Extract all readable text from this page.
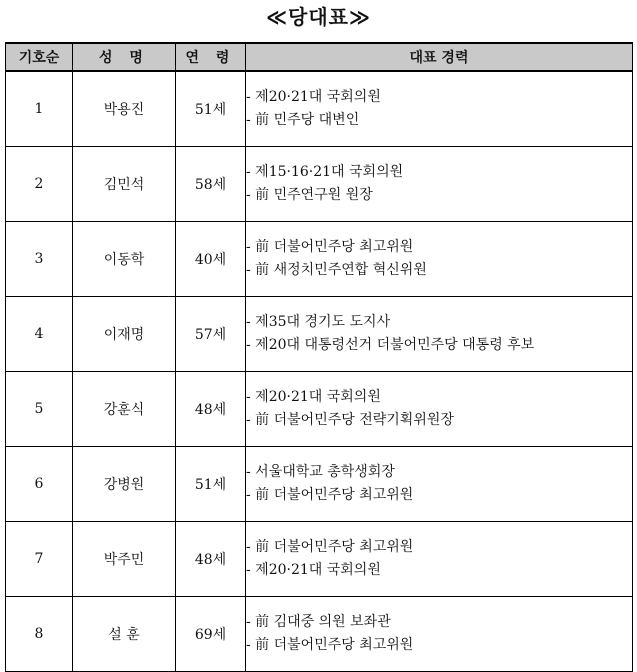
≪당대표≫
기호순	성 명	연 령	대표 경력
1	박용진	51세	- 제20·21대 국회의원
- 前 민주당 대변인

2	김민석	58세	- 제15·16·21대 국회의원
- 前 민주연구원 원장

3	이동학	40세	- 前 더불어민주당 최고위원
- 前 새정치민주연합 혁신위원

4	이재명	57세	- 제35대 경기도 도지사
- 제20대 대통령선거 더불어민주당 대통령 후보

5	강훈식	48세	- 제20·21대 국회의원
- 前 더불어민주당 전략기획위원장

6	강병원	51세	- 서울대학교 총학생회장
- 前 더불어민주당 최고위원

7	박주민	48세	- 前 더불어민주당 최고위원
- 제20·21대 국회의원

8	설 훈	69세	- 前 김대중 의원 보좌관
- 前 더불어민주당 최고위원
